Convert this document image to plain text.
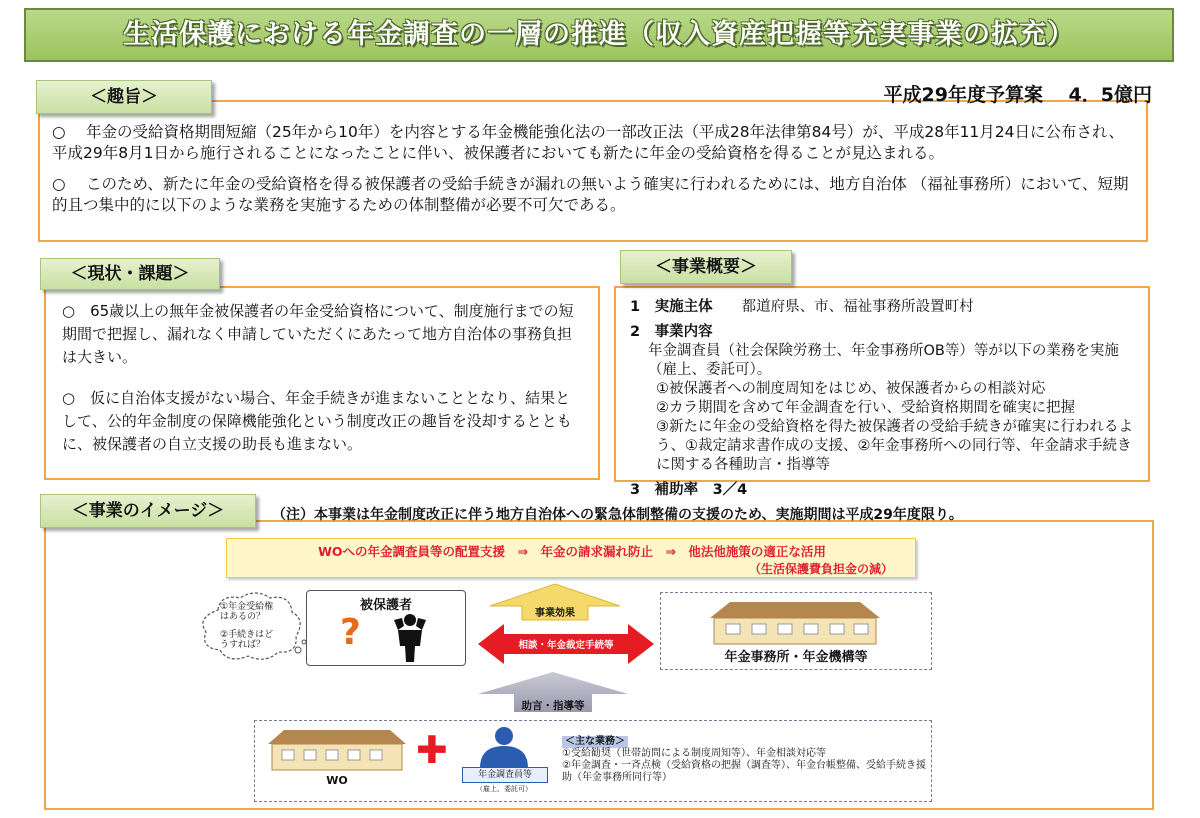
生活保護における年金調査の一層の推進（収入資産把握等充実事業の拡充）
＜趣旨＞	平成29年度予算案　 4．5億円

○　 年金の受給資格期間短縮（25年から10年）を内容とする年金機能強化法の一部改正法（平成28年法律第84号）が、平成28年11月24日に公布され、平成29年8月1日から施行されることになったことに伴い、被保護者においても新たに年金の受給資格を得ることが見込まれる。

○　 このため、新たに年金の受給資格を得る被保護者の受給手続きが漏れの無いよう確実に行われるためには、地方自治体 （福祉事務所）において、短期的且つ集中的に以下のような業務を実施するための体制整備が必要不可欠である。

＜現状・課題＞

○　65歳以上の無年金被保護者の年金受給資格について、制度施行までの短期間で把握し、漏れなく申請していただくにあたって地方自治体の事務負担は大きい。

○　仮に自治体支援がない場合、年金手続きが進まないこととなり、結果として、公的年金制度の保障機能強化という制度改正の趣旨を没却するとともに、被保護者の自立支援の助長も進まない。

＜事業概要＞

1　実施主体　　 都道府県、市、福祉事務所設置町村

2　事業内容

年金調査員（社会保険労務士、年金事務所OB等）等が以下の業務を実施（雇上、委託可）。

①被保護者への制度周知をはじめ、被保護者からの相談対応

②カラ期間を含めて年金調査を行い、受給資格期間を確実に把握

③新たに年金の受給資格を得た被保護者の受給手続きが確実に行われるよう、①裁定請求書作成の支援、②年金事務所への同行等、年金請求手続きに関する各種助言・指導等

3　補助率　3／4

＜事業のイメージ＞	（注）本事業は年金制度改正に伴う地方自治体への緊急体制整備の支援のため、実施期間は平成29年度限り。
WOへの年金調査員等の配置支援　⇒　年金の請求漏れ防止　⇒　他法他施策の適正な活用
（生活保護費負担金の減）
①年金受給権はあるの？
②手続きはどうすれば？
被保護者
?	事業効果
相談・年金裁定手続等
年金事務所・年金機構等
助言・指導等
WO
✚
年金調査員等
（雇上、委託可）

＜主な業務＞

①受給勧奨（世帯訪問による制度周知等）、年金相談対応等

②年金調査・一斉点検（受給資格の把握（調査等）、年金台帳整備、受給手続き援助（年金事務所同行等）
